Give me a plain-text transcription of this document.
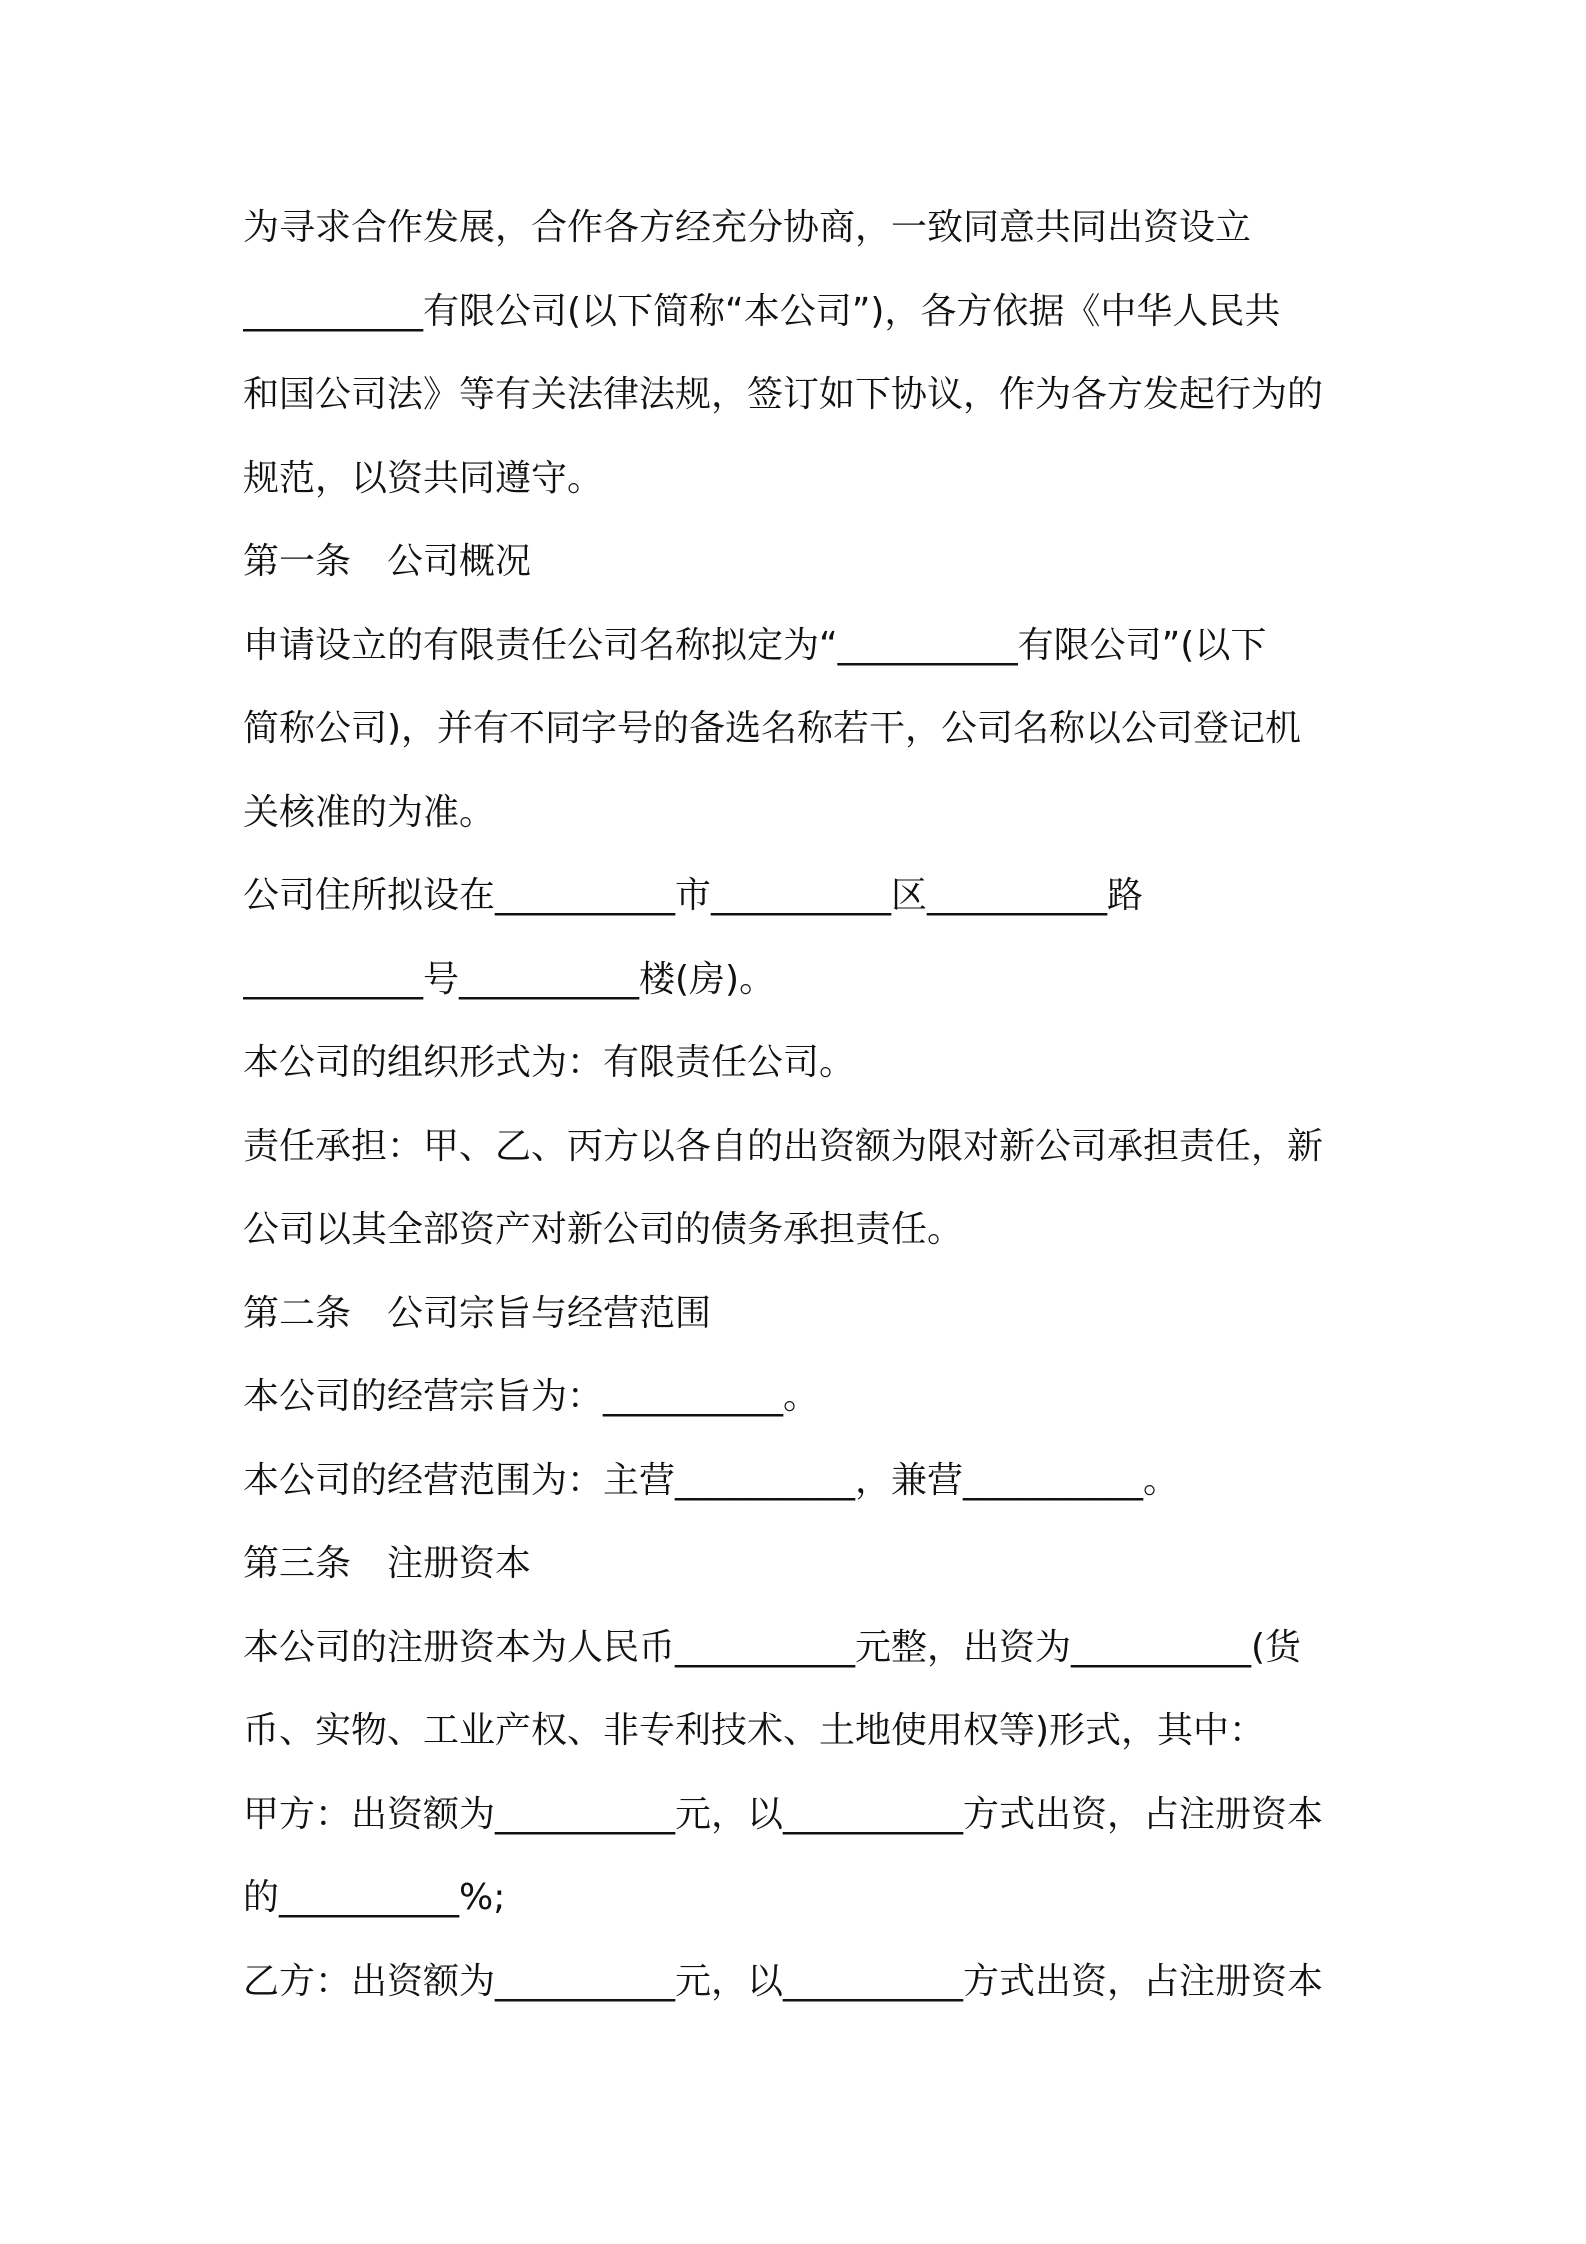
为寻求合作发展，合作各方经充分协商，一致同意共同出资设立
__________有限公司(以下简称“本公司”)，各方依据《中华人民共
和国公司法》等有关法律法规，签订如下协议，作为各方发起行为的
规范，以资共同遵守。
第一条　公司概况
申请设立的有限责任公司名称拟定为“__________有限公司”(以下
简称公司)，并有不同字号的备选名称若干，公司名称以公司登记机
关核准的为准。
公司住所拟设在__________市__________区__________路
__________号__________楼(房)。
本公司的组织形式为：有限责任公司。
责任承担：甲、乙、丙方以各自的出资额为限对新公司承担责任，新
公司以其全部资产对新公司的债务承担责任。
第二条　公司宗旨与经营范围
本公司的经营宗旨为：__________。
本公司的经营范围为：主营__________，兼营__________。
第三条　注册资本
本公司的注册资本为人民币__________元整，出资为__________(货
币、实物、工业产权、非专利技术、土地使用权等)形式，其中：
甲方：出资额为__________元，以__________方式出资，占注册资本
的__________%;
乙方：出资额为__________元，以__________方式出资，占注册资本
